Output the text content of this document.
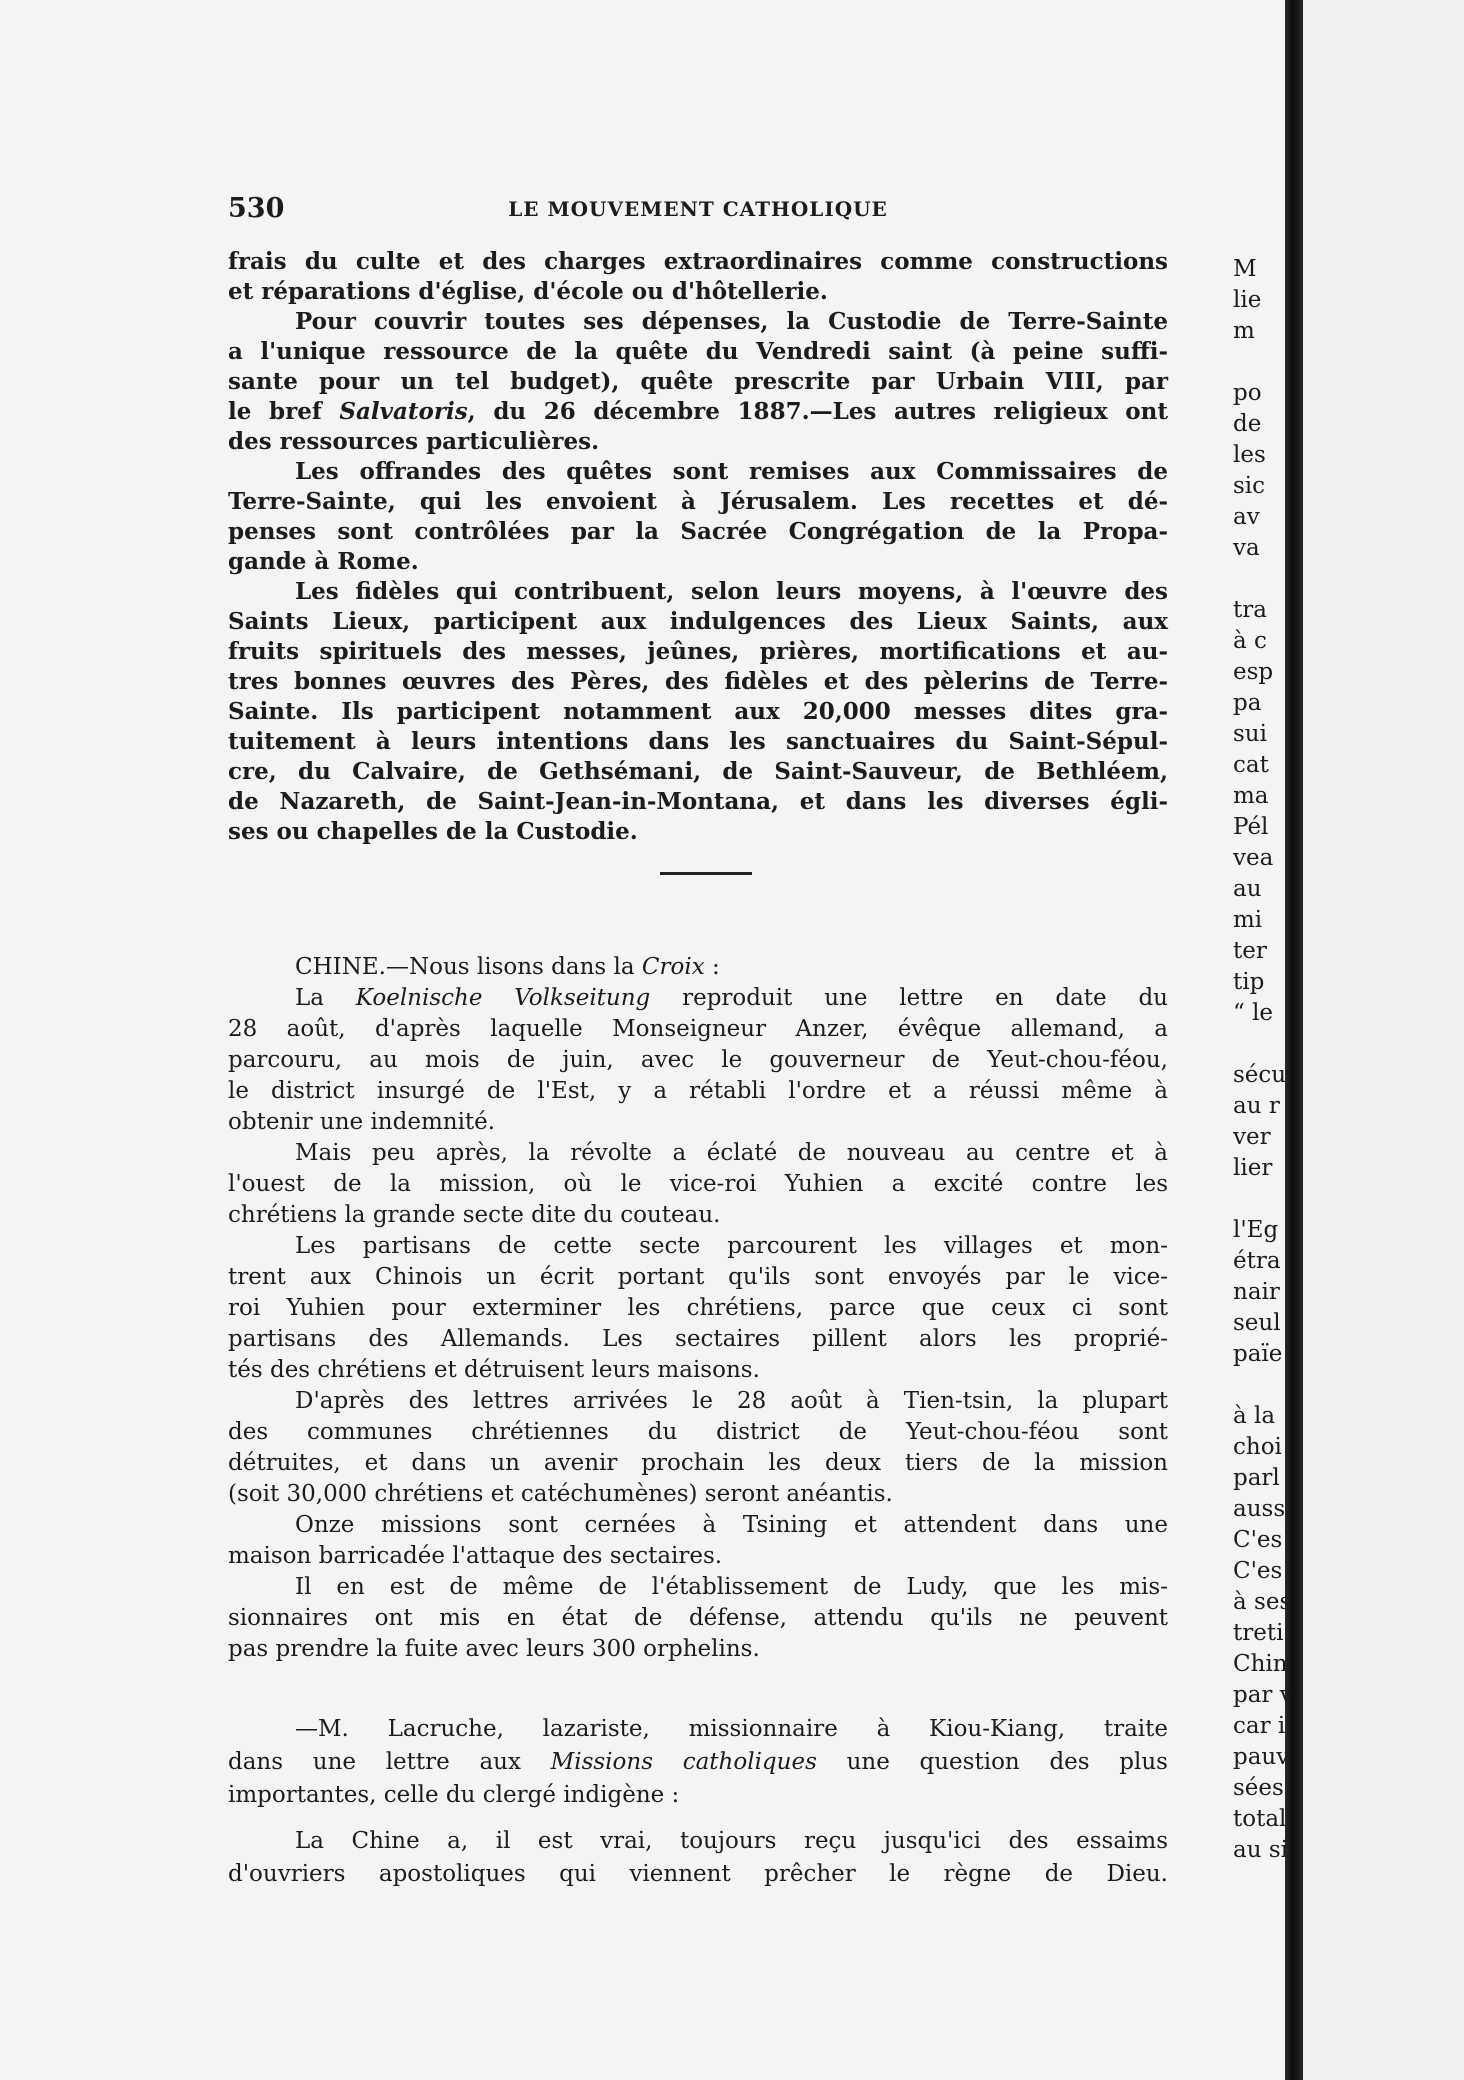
530	LE MOUVEMENT CATHOLIQUE
frais du culte et des charges extraordinaires comme constructions
et réparations d'église, d'école ou d'hôtellerie.
Pour couvrir toutes ses dépenses, la Custodie de Terre-Sainte
a l'unique ressource de la quête du Vendredi saint (à peine suffi-
sante pour un tel budget), quête prescrite par Urbain VIII, par
le bref Salvatoris, du 26 décembre 1887.—Les autres religieux ont
des ressources particulières.
Les offrandes des quêtes sont remises aux Commissaires de
Terre-Sainte, qui les envoient à Jérusalem. Les recettes et dé-
penses sont contrôlées par la Sacrée Congrégation de la Propa-
gande à Rome.
Les fidèles qui contribuent, selon leurs moyens, à l'œuvre des
Saints Lieux, participent aux indulgences des Lieux Saints, aux
fruits spirituels des messes, jeûnes, prières, mortifications et au-
tres bonnes œuvres des Pères, des fidèles et des pèlerins de Terre-
Sainte. Ils participent notamment aux 20,000 messes dites gra-
tuitement à leurs intentions dans les sanctuaires du Saint-Sépul-
cre, du Calvaire, de Gethsémani, de Saint-Sauveur, de Bethléem,
de Nazareth, de Saint-Jean-in-Montana, et dans les diverses égli-
ses ou chapelles de la Custodie.
CHINE.—Nous lisons dans la Croix :
La Koelnische Volkseitung reproduit une lettre en date du
28 août, d'après laquelle Monseigneur Anzer, évêque allemand, a
parcouru, au mois de juin, avec le gouverneur de Yeut-chou-féou,
le district insurgé de l'Est, y a rétabli l'ordre et a réussi même à
obtenir une indemnité.
Mais peu après, la révolte a éclaté de nouveau au centre et à
l'ouest de la mission, où le vice-roi Yuhien a excité contre les
chrétiens la grande secte dite du couteau.
Les partisans de cette secte parcourent les villages et mon-
trent aux Chinois un écrit portant qu'ils sont envoyés par le vice-
roi Yuhien pour exterminer les chrétiens, parce que ceux ci sont
partisans des Allemands. Les sectaires pillent alors les proprié-
tés des chrétiens et détruisent leurs maisons.
D'après des lettres arrivées le 28 août à Tien-tsin, la plupart
des communes chrétiennes du district de Yeut-chou-féou sont
détruites, et dans un avenir prochain les deux tiers de la mission
(soit 30,000 chrétiens et catéchumènes) seront anéantis.
Onze missions sont cernées à Tsining et attendent dans une
maison barricadée l'attaque des sectaires.
Il en est de même de l'établissement de Ludy, que les mis-
sionnaires ont mis en état de défense, attendu qu'ils ne peuvent
pas prendre la fuite avec leurs 300 orphelins.
—M. Lacruche, lazariste, missionnaire à Kiou-Kiang, traite
dans une lettre aux Missions catholiques une question des plus
importantes, celle du clergé indigène :
La Chine a, il est vrai, toujours reçu jusqu'ici des essaims
d'ouvriers apostoliques qui viennent prêcher le règne de Dieu.
M
lie
m
po
de
les
sic
av
va
tra
à c
esp
pa
sui
cat
ma
Pél
vea
au
mi
ter
tip
“ le
sécu
au r
ver
lier
l'Eg
étra
nair
seul
païe
à la
choi
parl
auss
C'es
C'es
à ses
treti
Chin
par v
car i
pauv
sées
total
au si
